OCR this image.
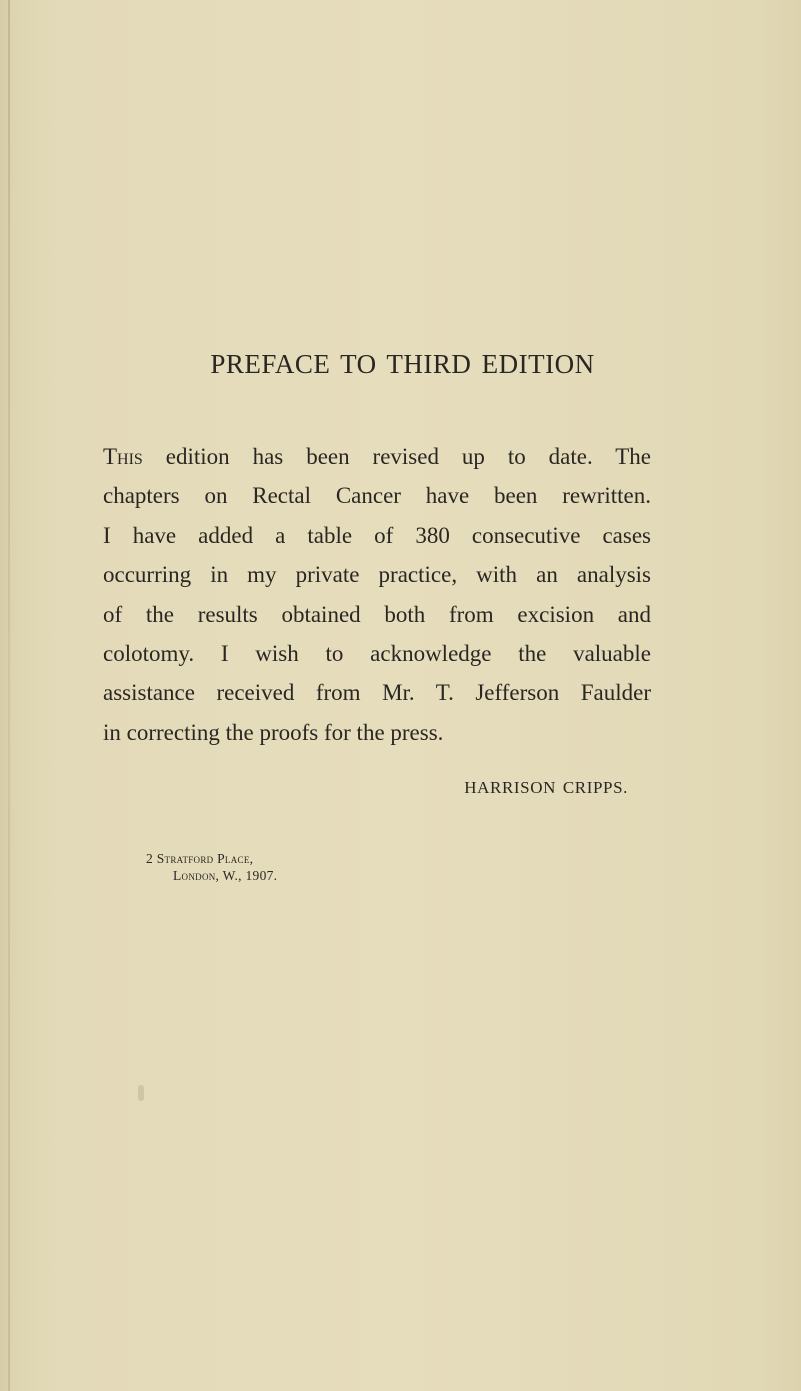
PREFACE TO THIRD EDITION
This edition has been revised up to date. The
chapters on Rectal Cancer have been rewritten.
I have added a table of 380 consecutive cases
occurring in my private practice, with an analysis
of the results obtained both from excision and
colotomy. I wish to acknowledge the valuable
assistance received from Mr. T. Jefferson Faulder
in correcting the proofs for the press.
HARRISON CRIPPS.
2 Stratford Place,
London, W., 1907.
